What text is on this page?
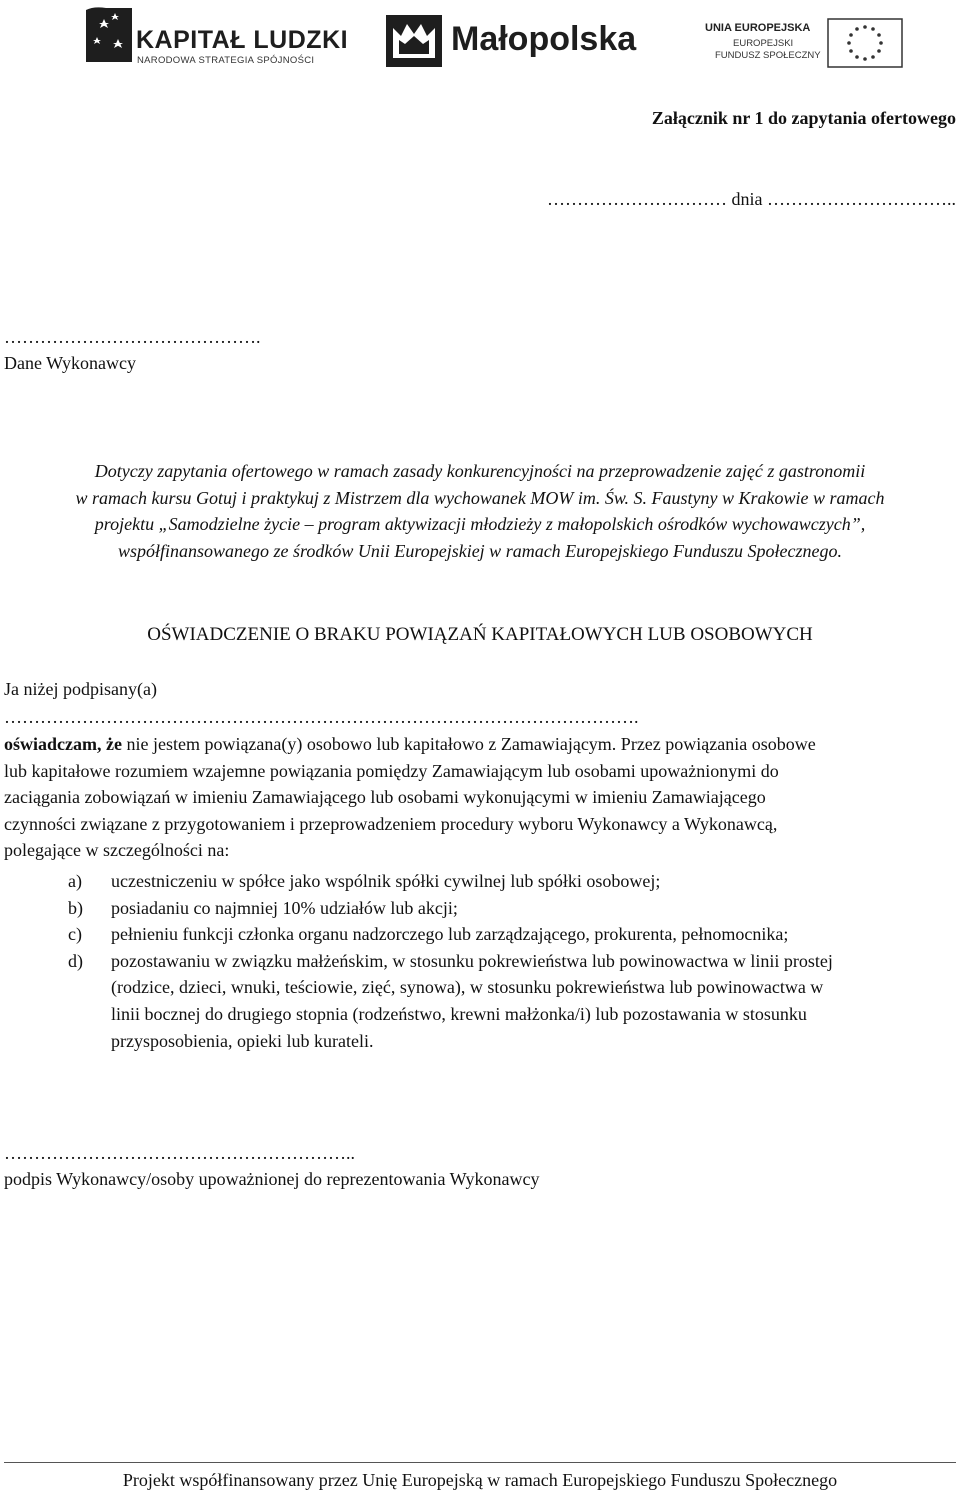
KAPITAŁ LUDZKI
NARODOWA STRATEGIA SPÓJNOŚCI
Małopolska	UNIA EUROPEJSKA
EUROPEJSKI
FUNDUSZ SPOŁECZNY
Załącznik nr 1 do zapytania ofertowego
………………………… dnia …………………………..
…………………………………….
Dane Wykonawcy
Dotyczy zapytania ofertowego w ramach zasady konkurencyjności na przeprowadzenie zajęć z gastronomii
w ramach kursu Gotuj i praktykuj z Mistrzem dla wychowanek MOW im. Św. S. Faustyny w Krakowie w ramach
projektu „Samodzielne życie – program aktywizacji młodzieży z małopolskich ośrodków wychowawczych”,
współfinansowanego ze środków Unii Europejskiej w ramach Europejskiego Funduszu Społecznego.
OŚWIADCZENIE O BRAKU POWIĄZAŃ KAPITAŁOWYCH LUB OSOBOWYCH
Ja niżej podpisany(a)
…………………………………………………………………………………………….
oświadczam, że nie jestem powiązana(y) osobowo lub kapitałowo z Zamawiającym. Przez powiązania osobowe
lub kapitałowe rozumiem wzajemne powiązania pomiędzy Zamawiającym lub osobami upoważnionymi do
zaciągania zobowiązań w imieniu Zamawiającego lub osobami wykonującymi w imieniu Zamawiającego
czynności związane z przygotowaniem i przeprowadzeniem procedury wyboru Wykonawcy a Wykonawcą,
polegające w szczególności na:
a) uczestniczeniu w spółce jako wspólnik spółki cywilnej lub spółki osobowej;
b) posiadaniu co najmniej 10% udziałów lub akcji;
c) pełnieniu funkcji członka organu nadzorczego lub zarządzającego, prokurenta, pełnomocnika;
d) pozostawaniu w związku małżeńskim, w stosunku pokrewieństwa lub powinowactwa w linii prostej
(rodzice, dzieci, wnuki, teściowie, zięć, synowa), w stosunku pokrewieństwa lub powinowactwa w
linii bocznej do drugiego stopnia (rodzeństwo, krewni małżonka/i) lub pozostawania w stosunku
przysposobienia, opieki lub kurateli.
…………………………………………………..
podpis Wykonawcy/osoby upoważnionej do reprezentowania Wykonawcy
Projekt współfinansowany przez Unię Europejską w ramach Europejskiego Funduszu Społecznego
